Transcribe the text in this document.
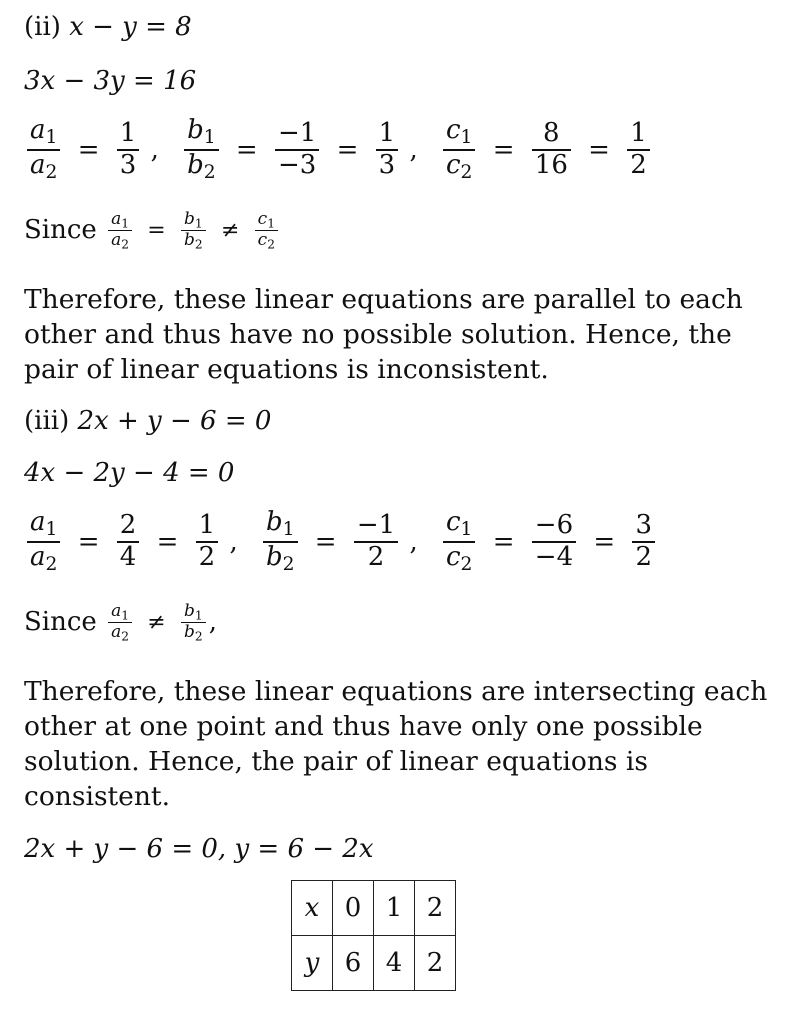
(ii) x − y = 8
3x − 3y = 16
$\frac{a_1}{a_2} = \frac{1}{3}$ , $\frac{b_1}{b_2} = \frac{-1}{-3} = \frac{1}{3}$ , $\frac{c_1}{c_2} = \frac{8}{16} = \frac{1}{2}$
Since $\frac{a_1}{a_2} = \frac{b_1}{b_2} \ne \frac{c_1}{c_2}$
Therefore, these linear equations are parallel to each
other and thus have no possible solution. Hence, the
pair of linear equations is inconsistent.
(iii) 2x + y − 6 = 0
4x − 2y − 4 = 0
$\frac{a_1}{a_2} = \frac{2}{4} = \frac{1}{2}$ , $\frac{b_1}{b_2} = \frac{-1}{2}$ , $\frac{c_1}{c_2} = \frac{-6}{-4} = \frac{3}{2}$
Since $\frac{a_1}{a_2} \ne \frac{b_1}{b_2}$ ,
Therefore, these linear equations are intersecting each
other at one point and thus have only one possible
solution. Hence, the pair of linear equations is
consistent.
2x + y − 6 = 0, y = 6 − 2x
x	0	1	2
y	6	4	2
